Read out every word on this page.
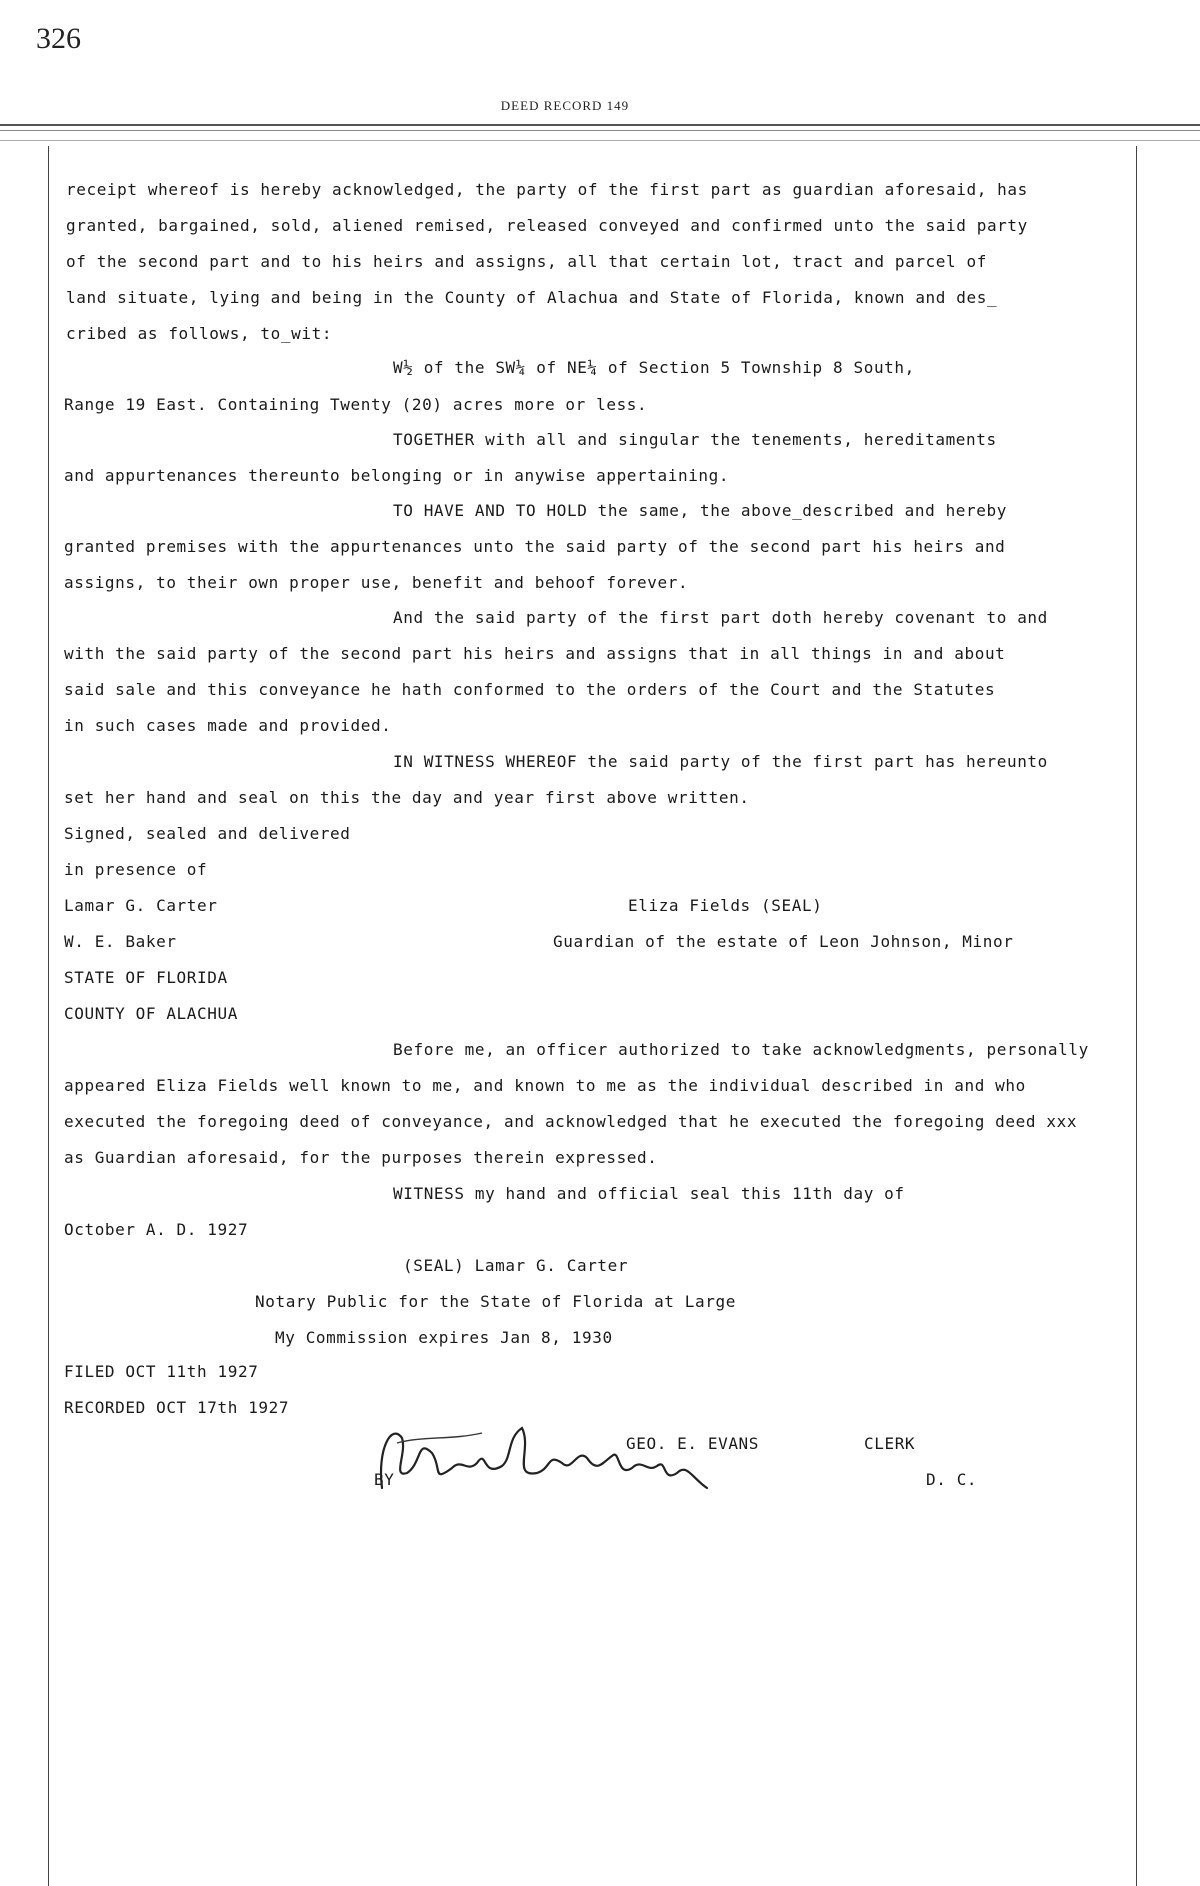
326
DEED RECORD 149
receipt whereof is hereby acknowledged, the party of the first part as guardian aforesaid, has
granted, bargained, sold, aliened remised, released conveyed and confirmed unto the said party
of the second part and to his heirs and assigns, all that certain lot, tract and parcel of
land situate, lying and being in the County of Alachua and State of Florida, known and des_
cribed as follows, to_wit:
W½ of the SW¼ of NE¼ of Section 5 Township 8 South,
Range 19 East. Containing Twenty (20) acres more or less.
TOGETHER with all and singular the tenements, hereditaments
and appurtenances thereunto belonging or in anywise appertaining.
TO HAVE AND TO HOLD the same, the above_described and hereby
granted premises with the appurtenances unto the said party of the second part his heirs and
assigns, to their own proper use, benefit and behoof forever.
And the said party of the first part doth hereby covenant to and
with the said party of the second part his heirs and assigns that in all things in and about
said sale and this conveyance he hath conformed to the orders of the Court and the Statutes
in such cases made and provided.
IN WITNESS WHEREOF the said party of the first part has hereunto
set her hand and seal on this the day and year first above written.
Signed, sealed and delivered
in presence of
Lamar G. Carter	Eliza Fields (SEAL)
W. E. Baker	Guardian of the estate of Leon Johnson, Minor
STATE OF FLORIDA
COUNTY OF ALACHUA
Before me, an officer authorized to take acknowledgments, personally
appeared Eliza Fields well known to me, and known to me as the individual described in and who
executed the foregoing deed of conveyance, and acknowledged that he executed the foregoing deed xxx
as Guardian aforesaid, for the purposes therein expressed.
WITNESS my hand and official seal this 11th day of
October A. D. 1927
(SEAL) Lamar G. Carter
Notary Public for the State of Florida at Large
My Commission expires Jan 8, 1930
FILED OCT 11th 1927
RECORDED OCT 17th 1927
GEO. E. EVANS	CLERK
BY	D. C.
